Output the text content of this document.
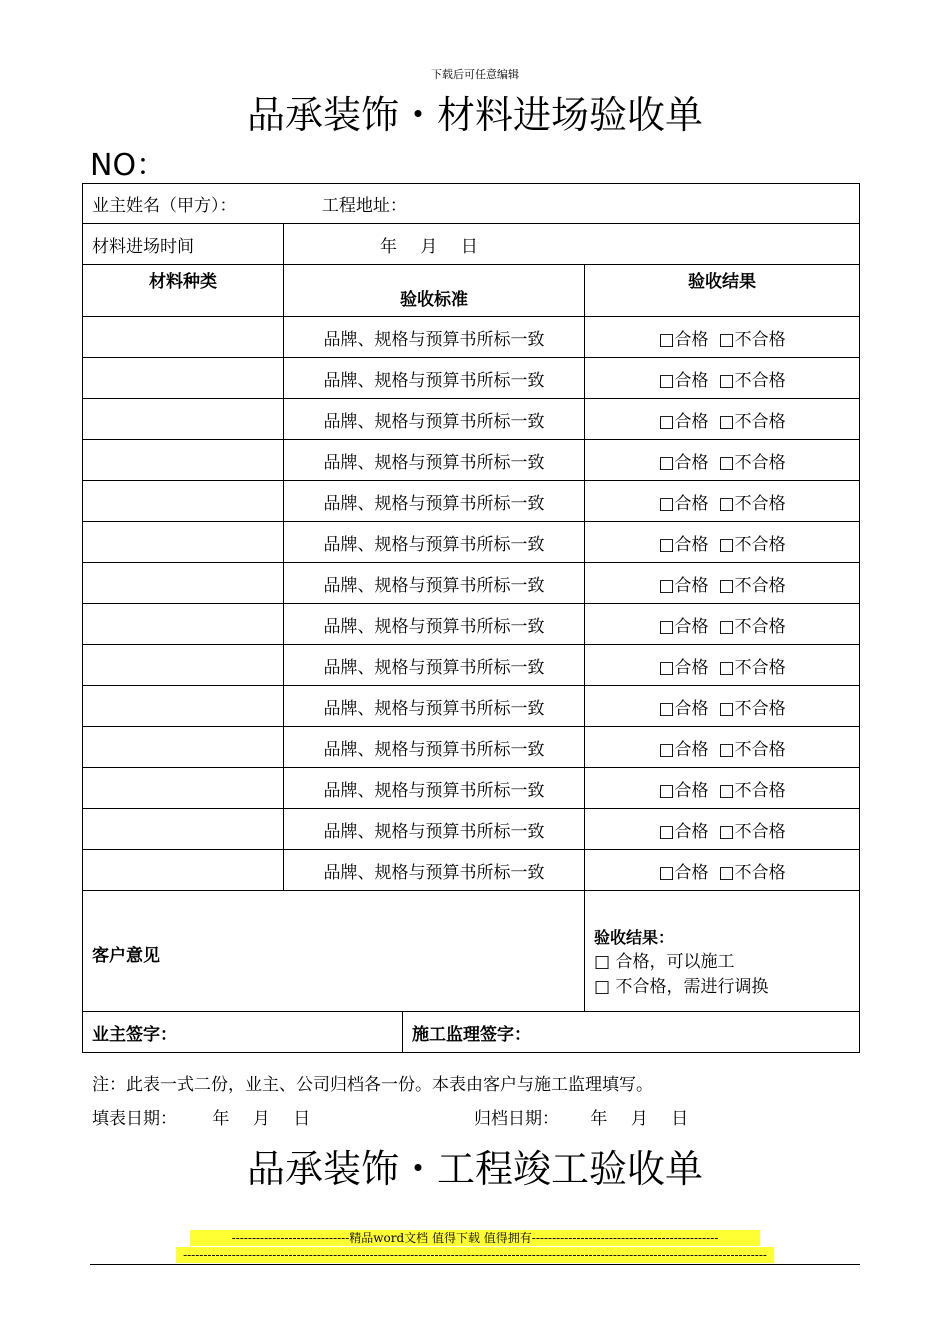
下载后可任意编辑
品承装饰・材料进场验收单
NO：
业主姓名（甲方）： 工程地址：			
材料进场时间	年 月 日		
材料种类	验收标准		验收结果
	品牌、规格与预算书所标一致		□合格 □不合格
	品牌、规格与预算书所标一致		□合格 □不合格
	品牌、规格与预算书所标一致		□合格 □不合格
	品牌、规格与预算书所标一致		□合格 □不合格
	品牌、规格与预算书所标一致		□合格 □不合格
	品牌、规格与预算书所标一致		□合格 □不合格
	品牌、规格与预算书所标一致		□合格 □不合格
	品牌、规格与预算书所标一致		□合格 □不合格
	品牌、规格与预算书所标一致		□合格 □不合格
	品牌、规格与预算书所标一致		□合格 □不合格
	品牌、规格与预算书所标一致		□合格 □不合格
	品牌、规格与预算书所标一致		□合格 □不合格
	品牌、规格与预算书所标一致		□合格 □不合格
	品牌、规格与预算书所标一致		□合格 □不合格

客户意见			验收结果：
□ 合格，可以施工
□ 不合格，需进行调换

业主签字：		施工监理签字：	
注：此表一式二份，业主、公司归档各一份。本表由客户与施工监理填写。
填表日期： 年 月 日	归档日期： 年 月 日
品承装饰・工程竣工验收单
-----------------------------精品word文档 值得下载 值得拥有----------------------------------------------
------------------------------------------------------------------------------------------------------------------------------------------------
